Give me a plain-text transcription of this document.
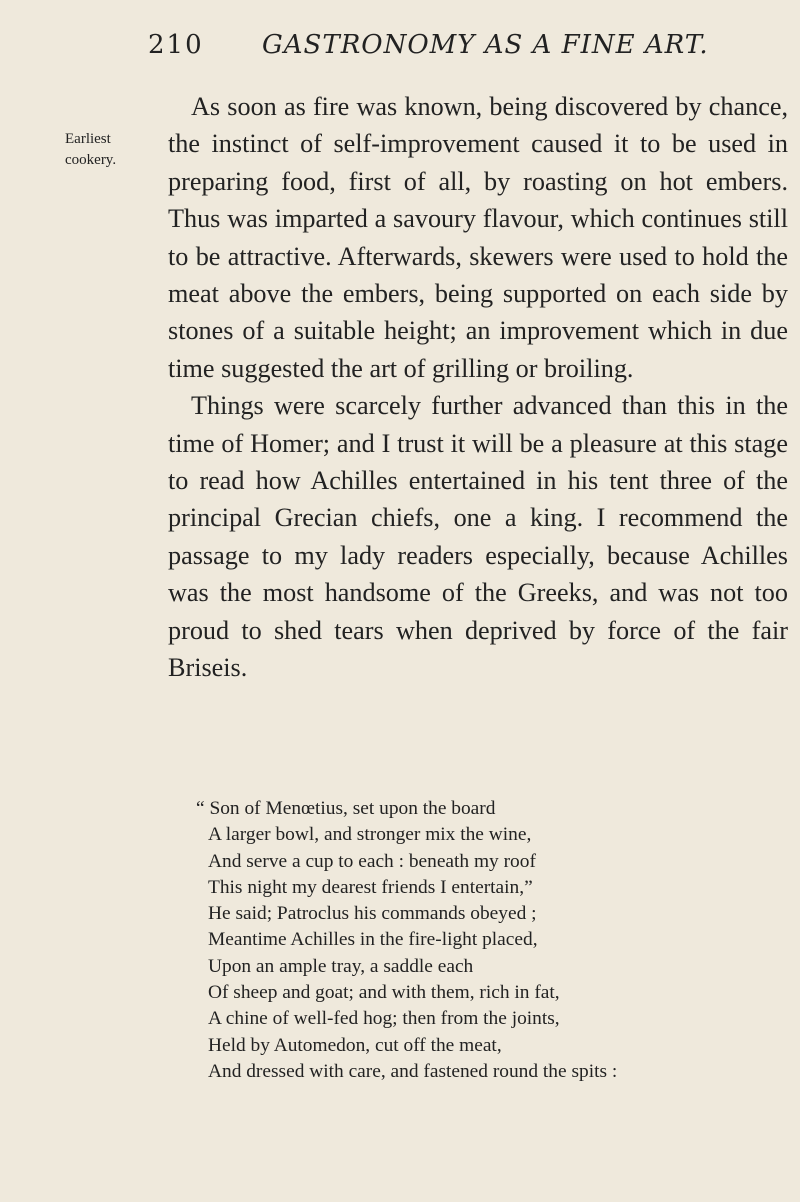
210 GASTRONOMY AS A FINE ART.
Earliest
cookery.

As soon as fire was known, being discovered by chance, the instinct of self-improvement caused it to be used in preparing food, first of all, by roasting on hot embers. Thus was imparted a savoury flavour, which continues still to be attractive. Afterwards, skewers were used to hold the meat above the embers, being supported on each side by stones of a suitable height; an improvement which in due time suggested the art of grilling or broiling.

Things were scarcely further advanced than this in the time of Homer; and I trust it will be a pleasure at this stage to read how Achilles entertained in his tent three of the principal Grecian chiefs, one a king. I recommend the passage to my lady readers especially, because Achilles was the most handsome of the Greeks, and was not too proud to shed tears when deprived by force of the fair Briseis.

“ Son of Menœtius, set upon the board
A larger bowl, and stronger mix the wine,
And serve a cup to each : beneath my roof
This night my dearest friends I entertain,”
He said; Patroclus his commands obeyed ;
Meantime Achilles in the fire-light placed,
Upon an ample tray, a saddle each
Of sheep and goat; and with them, rich in fat,
A chine of well-fed hog; then from the joints,
Held by Automedon, cut off the meat,
And dressed with care, and fastened round the spits :
